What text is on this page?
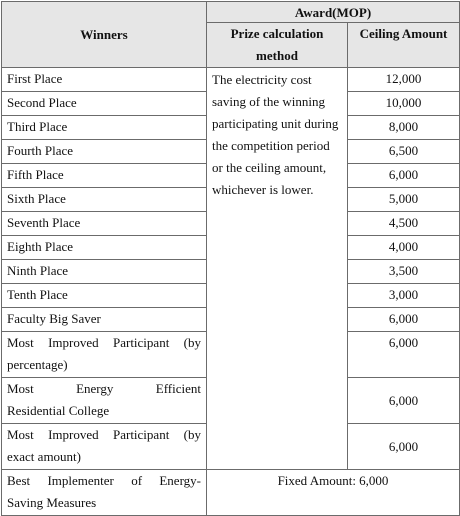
Winners	Award(MOP)	
	Prize calculation method	Ceiling Amount
First Place	The electricity cost saving of the winning participating unit during the competition period or the ceiling amount, whichever is lower.	12,000
Second Place		10,000
Third Place		8,000
Fourth Place		6,500
Fifth Place		6,000
Sixth Place		5,000
Seventh Place		4,500
Eighth Place		4,000
Ninth Place		3,500
Tenth Place		3,000
Faculty Big Saver		6,000

Most Improved Participant (by
percentage)		6,000

Most Energy Efficient
Residential College		6,000

Most Improved Participant (by
exact amount)		6,000

Best Implementer of Energy-
Saving Measures	Fixed Amount: 6,000	
